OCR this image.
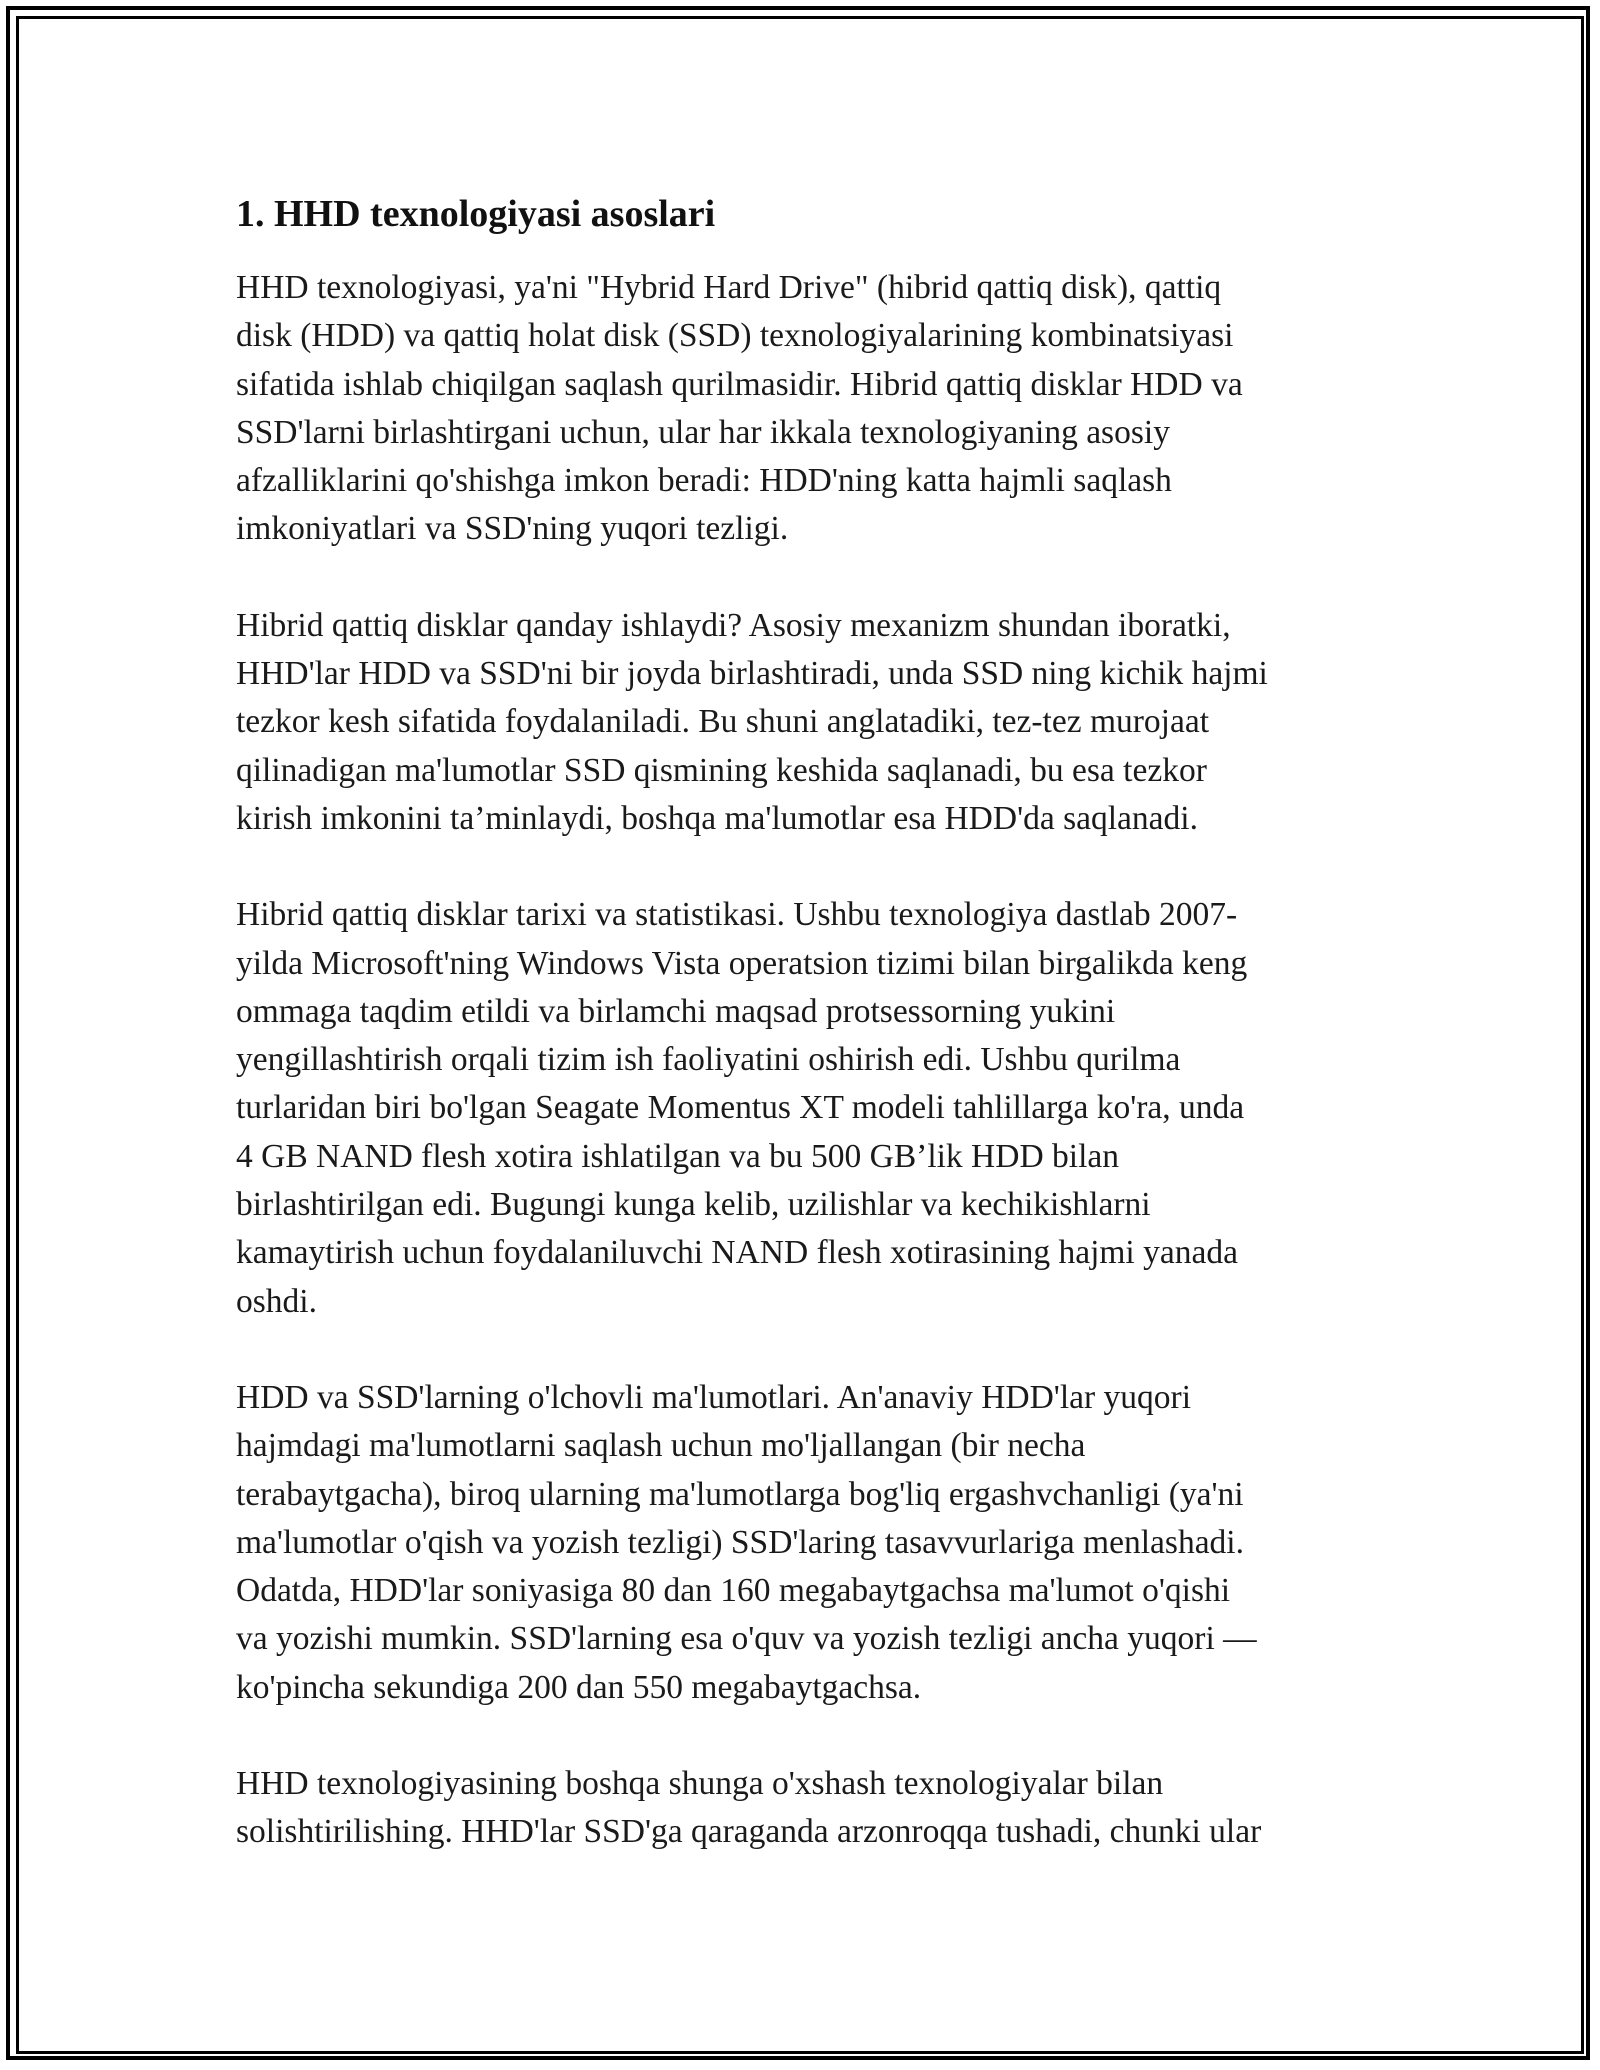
1. HHD texnologiyasi asoslari
HHD texnologiyasi, ya'ni "Hybrid Hard Drive" (hibrid qattiq disk), qattiq
disk (HDD) va qattiq holat disk (SSD) texnologiyalarining kombinatsiyasi
sifatida ishlab chiqilgan saqlash qurilmasidir. Hibrid qattiq disklar HDD va
SSD'larni birlashtirgani uchun, ular har ikkala texnologiyaning asosiy
afzalliklarini qo'shishga imkon beradi: HDD'ning katta hajmli saqlash
imkoniyatlari va SSD'ning yuqori tezligi.
Hibrid qattiq disklar qanday ishlaydi? Asosiy mexanizm shundan iboratki,
HHD'lar HDD va SSD'ni bir joyda birlashtiradi, unda SSD ning kichik hajmi
tezkor kesh sifatida foydalaniladi. Bu shuni anglatadiki, tez-tez murojaat
qilinadigan ma'lumotlar SSD qismining keshida saqlanadi, bu esa tezkor
kirish imkonini ta’minlaydi, boshqa ma'lumotlar esa HDD'da saqlanadi.
Hibrid qattiq disklar tarixi va statistikasi. Ushbu texnologiya dastlab 2007-
yilda Microsoft'ning Windows Vista operatsion tizimi bilan birgalikda keng
ommaga taqdim etildi va birlamchi maqsad protsessorning yukini
yengillashtirish orqali tizim ish faoliyatini oshirish edi. Ushbu qurilma
turlaridan biri bo'lgan Seagate Momentus XT modeli tahlillarga ko'ra, unda
4 GB NAND flesh xotira ishlatilgan va bu 500 GB’lik HDD bilan
birlashtirilgan edi. Bugungi kunga kelib, uzilishlar va kechikishlarni
kamaytirish uchun foydalaniluvchi NAND flesh xotirasining hajmi yanada
oshdi.
HDD va SSD'larning o'lchovli ma'lumotlari. An'anaviy HDD'lar yuqori
hajmdagi ma'lumotlarni saqlash uchun mo'ljallangan (bir necha
terabaytgacha), biroq ularning ma'lumotlarga bog'liq ergashvchanligi (ya'ni
ma'lumotlar o'qish va yozish tezligi) SSD'laring tasavvurlariga menlashadi.
Odatda, HDD'lar soniyasiga 80 dan 160 megabaytgachsa ma'lumot o'qishi
va yozishi mumkin. SSD'larning esa o'quv va yozish tezligi ancha yuqori —
ko'pincha sekundiga 200 dan 550 megabaytgachsa.
HHD texnologiyasining boshqa shunga o'xshash texnologiyalar bilan
solishtirilishing. HHD'lar SSD'ga qaraganda arzonroqqa tushadi, chunki ular
